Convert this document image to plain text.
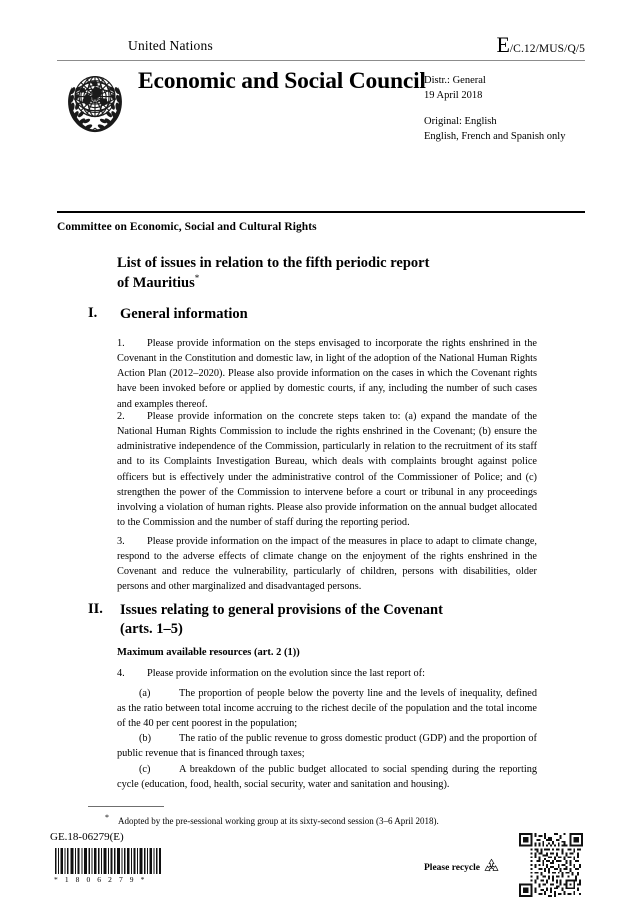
United Nations	E/C.12/MUS/Q/5
Economic and Social Council
Distr.: General
19 April 2018
Original: English
English, French and Spanish only
Committee on Economic, Social and Cultural Rights
List of issues in relation to the fifth periodic report
of Mauritius*
I. General information
1. Please provide information on the steps envisaged to incorporate the rights enshrined in the Covenant in the Constitution and domestic law, in light of the adoption of the National Human Rights Action Plan (2012–2020). Please also provide information on the cases in which the Covenant rights have been invoked before or applied by domestic courts, if any, including the number of such cases and examples thereof.
2. Please provide information on the concrete steps taken to: (a) expand the mandate of the National Human Rights Commission to include the rights enshrined in the Covenant; (b) ensure the administrative independence of the Commission, particularly in relation to the recruitment of its staff and to its Complaints Investigation Bureau, which deals with complaints brought against police officers but is effectively under the administrative control of the Commissioner of Police; and (c) strengthen the power of the Commission to intervene before a court or tribunal in any proceedings involving a violation of human rights. Please also provide information on the annual budget allocated to the Commission and the number of staff during the reporting period.
3. Please provide information on the impact of the measures in place to adapt to climate change, respond to the adverse effects of climate change on the enjoyment of the rights enshrined in the Covenant and reduce the vulnerability, particularly of children, persons with disabilities, older persons and other marginalized and disadvantaged persons.
II. Issues relating to general provisions of the Covenant
(arts. 1–5)
Maximum available resources (art. 2 (1))
4. Please provide information on the evolution since the last report of:
(a)	The proportion of people below the poverty line and the levels of inequality, defined as the ratio between total income accruing to the richest decile of the population and the total income of the 40 per cent poorest in the population;
(b)	The ratio of the public revenue to gross domestic product (GDP) and the proportion of public revenue that is financed through taxes;
(c)	A breakdown of the public budget allocated to social spending during the reporting cycle (education, food, health, social security, water and sanitation and housing).
* Adopted by the pre-sessional working group at its sixty-second session (3–6 April 2018).
GE.18-06279(E)
* 1 8 0 6 2 7 9 *
Please recycle
